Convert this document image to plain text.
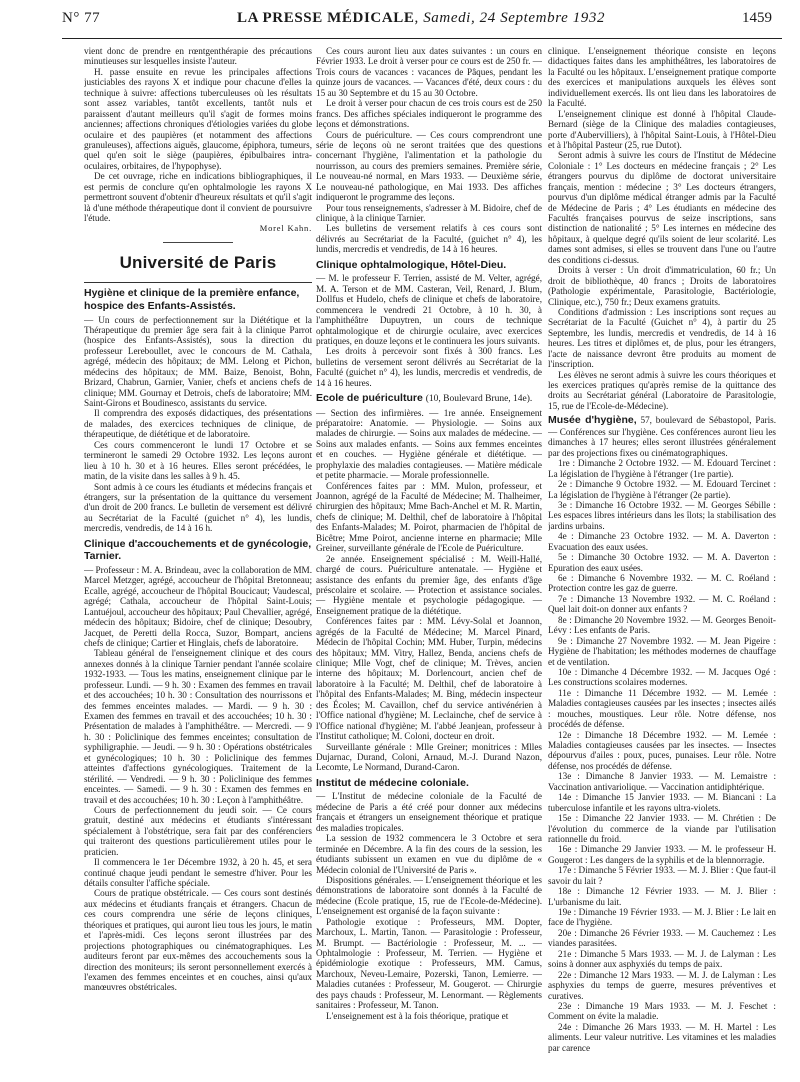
N° 77	LA PRESSE MÉDICALE, Samedi, 24 Septembre 1932	1459

vient donc de prendre en rœntgenthérapie des précautions minutieuses sur lesquelles insiste l'auteur.

H. passe ensuite en revue les principales affections justiciables des rayons X et indique pour chacune d'elles la technique à suivre: affections tuberculeuses où les résultats sont assez variables, tantôt excellents, tantôt nuls et paraissent d'autant meilleurs qu'il s'agit de formes moins anciennes; affections chroniques d'étiologies variées du globe oculaire et des paupières (et notamment des affections granuleuses), affections aiguës, glaucome, épiphora, tumeurs, quel qu'en soit le siège (paupières, épibulbaires intra-oculaires, orbitaires, de l'hypophyse).

De cet ouvrage, riche en indications bibliographiques, il est permis de conclure qu'en ophtalmologie les rayons X permettront souvent d'obtenir d'heureux résultats et qu'il s'agit là d'une méthode thérapeutique dont il convient de poursuivre l'étude.

Morel Kahn.
Université de Paris
Hygiène et clinique de la première enfance, hospice des Enfants-Assistés.

— Un cours de perfectionnement sur la Diététique et la Thérapeutique du premier âge sera fait à la clinique Parrot (hospice des Enfants-Assistés), sous la direction du professeur Lereboullet, avec le concours de M. Cathala, agrégé, médecin des hôpitaux; de MM. Lelong et Pichon, médecins des hôpitaux; de MM. Baize, Benoist, Bohn, Brizard, Chabrun, Garnier, Vanier, chefs et anciens chefs de clinique; MM. Gournay et Detrois, chefs de laboratoire; MM. Saint-Girons et Boudinesco, assistants du service.

Il comprendra des exposés didactiques, des présentations de malades, des exercices techniques de clinique, de thérapeutique, de diététique et de laboratoire.

Ces cours commenceront le lundi 17 Octobre et se termineront le samedi 29 Octobre 1932. Les leçons auront lieu à 10 h. 30 et à 16 heures. Elles seront précédées, le matin, de la visite dans les salles à 9 h. 45.

Sont admis à ce cours les étudiants et médecins français et étrangers, sur la présentation de la quittance du versement d'un droit de 200 francs. Le bulletin de versement est délivré au Secrétariat de la Faculté (guichet n° 4), les lundis, mercredis, vendredis, de 14 à 16 h.

Clinique d'accouchements et de gynécologie, Tarnier.

— Professeur : M. A. Brindeau, avec la collaboration de MM. Marcel Metzger, agrégé, accoucheur de l'hôpital Bretonneau; Ecalle, agrégé, accoucheur de l'hôpital Boucicaut; Vaudescal, agrégé; Cathala, accoucheur de l'hôpital Saint-Louis; Lantuéjoul, accoucheur des hôpitaux; Paul Chevallier, agrégé, médecin des hôpitaux; Bidoire, chef de clinique; Desoubry, Jacquet, de Peretti della Rocca, Suzor, Bompart, anciens chefs de clinique; Cartier et Hinglais, chefs de laboratoire.

Tableau général de l'enseignement clinique et des cours annexes donnés à la clinique Tarnier pendant l'année scolaire 1932-1933. — Tous les matins, enseignement clinique par le professeur. Lundi. — 9 h. 30 : Examen des femmes en travail et des accouchées; 10 h. 30 : Consultation des nourrissons et des femmes enceintes malades. — Mardi. — 9 h. 30 : Examen des femmes en travail et des accouchées; 10 h. 30 : Présentation de malades à l'amphithéâtre. — Mercredi. — 9 h. 30 : Policlinique des femmes enceintes; consultation de syphiligraphie. — Jeudi. — 9 h. 30 : Opérations obstétricales et gynécologiques; 10 h. 30 : Policlinique des femmes atteintes d'affections gynécologiques. Traitement de la stérilité. — Vendredi. — 9 h. 30 : Policlinique des femmes enceintes. — Samedi. — 9 h. 30 : Examen des femmes en travail et des accouchées; 10 h. 30 : Leçon à l'amphithéâtre.

Cours de perfectionnement du jeudi soir. — Ce cours gratuit, destiné aux médecins et étudiants s'intéressant spécialement à l'obstétrique, sera fait par des conférenciers qui traiteront des questions particulièrement utiles pour le praticien.

Il commencera le 1er Décembre 1932, à 20 h. 45, et sera continué chaque jeudi pendant le semestre d'hiver. Pour les détails consulter l'affiche spéciale.

Cours de pratique obstétricale. — Ces cours sont destinés aux médecins et étudiants français et étrangers. Chacun de ces cours comprendra une série de leçons cliniques, théoriques et pratiques, qui auront lieu tous les jours, le matin et l'après-midi. Ces leçons seront illustrées par des projections photographiques ou cinématographiques. Les auditeurs feront par eux-mêmes des accouchements sous la direction des moniteurs; ils seront personnellement exercés à l'examen des femmes enceintes et en couches, ainsi qu'aux manœuvres obstétricales.

Ces cours auront lieu aux dates suivantes : un cours en Février 1933. Le droit à verser pour ce cours est de 250 fr. — Trois cours de vacances : vacances de Pâques, pendant les quinze jours de vacances. — Vacances d'été, deux cours : du 15 au 30 Septembre et du 15 au 30 Octobre.

Le droit à verser pour chacun de ces trois cours est de 250 francs. Des affiches spéciales indiqueront le programme des leçons et démonstrations.

Cours de puériculture. — Ces cours comprendront une série de leçons où ne seront traitées que des questions concernant l'hygiène, l'alimentation et la pathologie du nourrisson, au cours des premiers semaines. Première série, Le nouveau-né normal, en Mars 1933. — Deuxième série, Le nouveau-né pathologique, en Mai 1933. Des affiches indiqueront le programme des leçons.

Pour tous renseignements, s'adresser à M. Bidoire, chef de clinique, à la clinique Tarnier.

Les bulletins de versement relatifs à ces cours sont délivrés au Secrétariat de la Faculté, (guichet n° 4), les lundis, mercredis et vendredis, de 14 à 16 heures.

Clinique ophtalmologique, Hôtel-Dieu.

— M. le professeur F. Terrien, assisté de M. Velter, agrégé, M. A. Terson et de MM. Casteran, Veil, Renard, J. Blum, Dollfus et Hudelo, chefs de clinique et chefs de laboratoire, commencera le vendredi 21 Octobre, à 10 h. 30, à l'amphithéâtre Dupuytren, un cours de technique ophtalmologique et de chirurgie oculaire, avec exercices pratiques, en douze leçons et le continuera les jours suivants.

Les droits à percevoir sont fixés à 300 francs. Les bulletins de versement seront délivrés au Secrétariat de la Faculté (guichet n° 4), les lundis, mercredis et vendredis, de 14 à 16 heures.

Ecole de puériculture (10, Boulevard Brune, 14e).

— Section des infirmières. — 1re année. Enseignement préparatoire: Anatomie. — Physiologie. — Soins aux malades de chirurgie. — Soins aux malades de médecine. — Soins aux malades enfants. — Soins aux femmes enceintes et en couches. — Hygiène générale et diététique. — prophylaxie des maladies contagieuses. — Matière médicale et petite pharmacie. — Morale professionnelle.

Conférences faites par : MM. Mulon, professeur, et Joannon, agrégé de la Faculté de Médecine; M. Thalheimer, chirurgien des hôpitaux; Mme Bach-Anchel et M. R. Martin, chefs de clinique; M. Delthil, chef de laboratoire à l'hôpital des Enfants-Malades; M. Poirot, pharmacien de l'hôpital de Bicêtre; Mme Poirot, ancienne interne en pharmacie; Mlle Greiner, surveillante générale de l'Ecole de Puériculture.

2e année. Enseignement spécialisé : M. Weill-Hallé, chargé de cours. Puériculture antenatale. — Hygiène et assistance des enfants du premier âge, des enfants d'âge préscolaire et scolaire. — Protection et assistance sociales. — Hygiène mentale et psychologie pédagogique. — Enseignement pratique de la diététique.

Conférences faites par : MM. Lévy-Solal et Joannon, agrégés de la Faculté de Médecine; M. Marcel Pinard, Médecin de l'hôpital Cochin; MM. Huber, Turpin, médecins des hôpitaux; MM. Vitry, Hallez, Benda, anciens chefs de clinique; Mlle Vogt, chef de clinique; M. Trèves, ancien interne des hôpitaux; M. Dorlencourt, ancien chef de laboratoire à la Faculté; M. Delthil, chef de laboratoire à l'hôpital des Enfants-Malades; M. Bing, médecin inspecteur des Écoles; M. Cavaillon, chef du service antivénérien à l'Office national d'hygiène; M. Leclainche, chef de service à l'Office national d'hygiène; M. l'abbé Jeanjean, professeur à l'Institut catholique; M. Coloni, docteur en droit.

Surveillante générale : Mlle Greiner; monitrices : Mlles Dujarnac, Durand, Coloni, Arnaud, M.-J. Durand Nazon, Lecomte, Le Normand, Durand-Caron.

Institut de médecine coloniale.

— L'Institut de médecine coloniale de la Faculté de médecine de Paris a été créé pour donner aux médecins français et étrangers un enseignement théorique et pratique des maladies tropicales.

La session de 1932 commencera le 3 Octobre et sera terminée en Décembre. A la fin des cours de la session, les étudiants subissent un examen en vue du diplôme de « Médecin colonial de l'Université de Paris ».

Dispositions générales. — L'enseignement théorique et les démonstrations de laboratoire sont donnés à la Faculté de médecine (Ecole pratique, 15, rue de l'Ecole-de-Médecine). L'enseignement est organisé de la façon suivante :

Pathologie exotique : Professeurs, MM. Dopter, Marchoux, L. Martin, Tanon. — Parasitologie : Professeur, M. Brumpt. — Bactériologie : Professeur, M. ... — Ophtalmologie : Professeur, M. Terrien. — Hygiène et épidémiologie exotique : Professeurs, MM. Camus, Marchoux, Neveu-Lemaire, Pozerski, Tanon, Lemierre. — Maladies cutanées : Professeur, M. Gougerot. — Chirurgie des pays chauds : Professeur, M. Lenormant. — Règlements sanitaires : Professeur, M. Tanon.

L'enseignement est à la fois théorique, pratique et

clinique. L'enseignement théorique consiste en leçons didactiques faites dans les amphithéâtres, les laboratoires de la Faculté ou les hôpitaux. L'enseignement pratique comporte des exercices et manipulations auxquels les élèves sont individuellement exercés. Ils ont lieu dans les laboratoires de la Faculté.

L'enseignement clinique est donné à l'hôpital Claude-Bernard (siège de la Clinique des maladies contagieuses, porte d'Aubervilliers), à l'hôpital Saint-Louis, à l'Hôtel-Dieu et à l'hôpital Pasteur (25, rue Dutot).

Seront admis à suivre les cours de l'Institut de Médecine Coloniale : 1° Les docteurs en médecine français ; 2° Les étrangers pourvus du diplôme de doctorat universitaire français, mention : médecine ; 3° Les docteurs étrangers, pourvus d'un diplôme médical étranger admis par la Faculté de Médecine de Paris ; 4° Les étudiants en médecine des Facultés françaises pourvus de seize inscriptions, sans distinction de nationalité ; 5° Les internes en médecine des hôpitaux, à quelque degré qu'ils soient de leur scolarité. Les dames sont admises, si elles se trouvent dans l'une ou l'autre des conditions ci-dessus.

Droits à verser : Un droit d'immatriculation, 60 fr.; Un droit de bibliothèque, 40 francs ; Droits de laboratoires (Pathologie expérimentale, Parasitologie, Bactériologie, Clinique, etc.), 750 fr.; Deux examens gratuits.

Conditions d'admission : Les inscriptions sont reçues au Secrétariat de la Faculté (Guichet n° 4), à partir du 25 Septembre, les lundis, mercredis et vendredis, de 14 à 16 heures. Les titres et diplômes et, de plus, pour les étrangers, l'acte de naissance devront être produits au moment de l'inscription.

Les élèves ne seront admis à suivre les cours théoriques et les exercices pratiques qu'après remise de la quittance des droits au Secrétariat général (Laboratoire de Parasitologie, 15, rue de l'Ecole-de-Médecine).

Musée d'hygiène, 57, boulevard de Sébastopol, Paris. — Conférences sur l'hygiène. Ces conférences auront lieu les dimanches à 17 heures; elles seront illustrées généralement par des projections fixes ou cinématographiques.

1re : Dimanche 2 Octobre 1932. — M. Edouard Tercinet : La législation de l'hygiène à l'étranger (1re partie).

2e : Dimanche 9 Octobre 1932. — M. Edouard Tercinet : La législation de l'hygiène à l'étranger (2e partie).

3e : Dimanche 16 Octobre 1932. — M. Georges Sébille : Les espaces libres intérieurs dans les îlots; la stabilisation des jardins urbains.

4e : Dimanche 23 Octobre 1932. — M. A. Daverton : Evacuation des eaux usées.

5e : Dimanche 30 Octobre 1932. — M. A. Daverton : Epuration des eaux usées.

6e : Dimanche 6 Novembre 1932. — M. C. Roéland : Protection contre les gaz de guerre.

7e : Dimanche 13 Novembre 1932. — M. C. Roéland : Quel lait doit-on donner aux enfants ?

8e : Dimanche 20 Novembre 1932. — M. Georges Benoit-Lévy : Les enfants de Paris.

9e : Dimanche 27 Novembre 1932. — M. Jean Pigeire : Hygiène de l'habitation; les méthodes modernes de chauffage et de ventilation.

10e : Dimanche 4 Décembre 1932. — M. Jacques Ogé : Les constructions scolaires modernes.

11e : Dimanche 11 Décembre 1932. — M. Lemée : Maladies contagieuses causées par les insectes ; insectes ailés : mouches, moustiques. Leur rôle. Notre défense, nos procédés de défense.

12e : Dimanche 18 Décembre 1932. — M. Lemée : Maladies contagieuses causées par les insectes. — Insectes dépourvus d'ailes : poux, puces, punaises. Leur rôle. Notre défense, nos procédés de défense.

13e : Dimanche 8 Janvier 1933. — M. Lemaistre : Vaccination antivariolique. — Vaccination antidiphtérique.

14e : Dimanche 15 Janvier 1933. — M. Biancani : La tuberculose infantile et les rayons ultra-violets.

15e : Dimanche 22 Janvier 1933. — M. Chrétien : De l'évolution du commerce de la viande par l'utilisation rationnelle du froid.

16e : Dimanche 29 Janvier 1933. — M. le professeur H. Gougerot : Les dangers de la syphilis et de la blennorragie.

17e : Dimanche 5 Février 1933. — M. J. Blier : Que faut-il savoir du lait ?

18e : Dimanche 12 Février 1933. — M. J. Blier : L'urbanisme du lait.

19e : Dimanche 19 Février 1933. — M. J. Blier : Le lait en face de l'hygiène.

20e : Dimanche 26 Février 1933. — M. Cauchemez : Les viandes parasitées.

21e : Dimanche 5 Mars 1933. — M. J. de Lalyman : Les soins à donner aux asphyxiés du temps de paix.

22e : Dimanche 12 Mars 1933. — M. J. de Lalyman : Les asphyxies du temps de guerre, mesures préventives et curatives.

23e : Dimanche 19 Mars 1933. — M. J. Feschet : Comment on évite la maladie.

24e : Dimanche 26 Mars 1933. — M. H. Martel : Les aliments. Leur valeur nutritive. Les vitamines et les maladies par carence
